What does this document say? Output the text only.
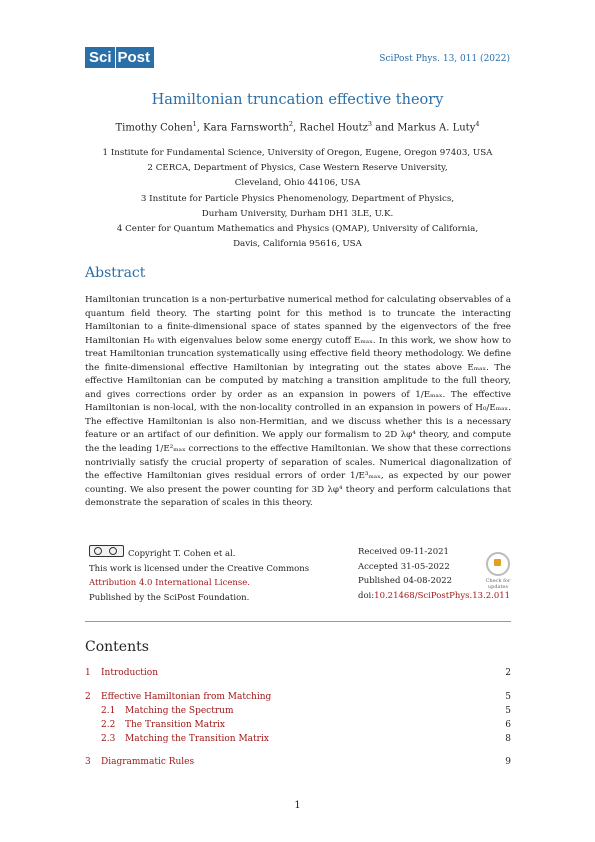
Sci Post	SciPost Phys. 13, 011 (2022)
Hamiltonian truncation effective theory
Timothy Cohen$^1$, Kara Farnsworth$^2$, Rachel Houtz$^3$ and Markus A. Luty$^4$
1 Institute for Fundamental Science, University of Oregon, Eugene, Oregon 97403, USA
2 CERCA, Department of Physics, Case Western Reserve University,
Cleveland, Ohio 44106, USA
3 Institute for Particle Physics Phenomenology, Department of Physics,
Durham University, Durham DH1 3LE, U.K.
4 Center for Quantum Mathematics and Physics (QMAP), University of California,
Davis, California 95616, USA
Abstract
Hamiltonian truncation is a non-perturbative numerical method for calculating observables of a quantum field theory. The starting point for this method is to truncate the interacting Hamiltonian to a finite-dimensional space of states spanned by the eigenvectors of the free Hamiltonian H₀ with eigenvalues below some energy cutoff Eₘₐₓ. In this work, we show how to treat Hamiltonian truncation systematically using effective field theory methodology. We define the finite-dimensional effective Hamiltonian by integrating out the states above Eₘₐₓ. The effective Hamiltonian can be computed by matching a transition amplitude to the full theory, and gives corrections order by order as an expansion in powers of 1/Eₘₐₓ. The effective Hamiltonian is non-local, with the non-locality controlled in an expansion in powers of H₀/Eₘₐₓ. The effective Hamiltonian is also non-Hermitian, and we discuss whether this is a necessary feature or an artifact of our definition. We apply our formalism to 2D λφ⁴ theory, and compute the the leading 1/E²ₘₐₓ corrections to the effective Hamiltonian. We show that these corrections nontrivially satisfy the crucial property of separation of scales. Numerical diagonalization of the effective Hamiltonian gives residual errors of order 1/E³ₘₐₓ, as expected by our power counting. We also present the power counting for 3D λφ⁴ theory and perform calculations that demonstrate the separation of scales in this theory.
Copyright T. Cohen et al.
This work is licensed under the Creative Commons
Attribution 4.0 International License.
Published by the SciPost Foundation.
Received 09-11-2021
Accepted 31-05-2022
Published 04-08-2022
doi:10.21468/SciPostPhys.13.2.011
Check for updates
Contents
1 Introduction	2
2 Effective Hamiltonian from Matching	5
2.1 Matching the Spectrum	5
2.2 The Transition Matrix	6
2.3 Matching the Transition Matrix	8
3 Diagrammatic Rules	9
1
